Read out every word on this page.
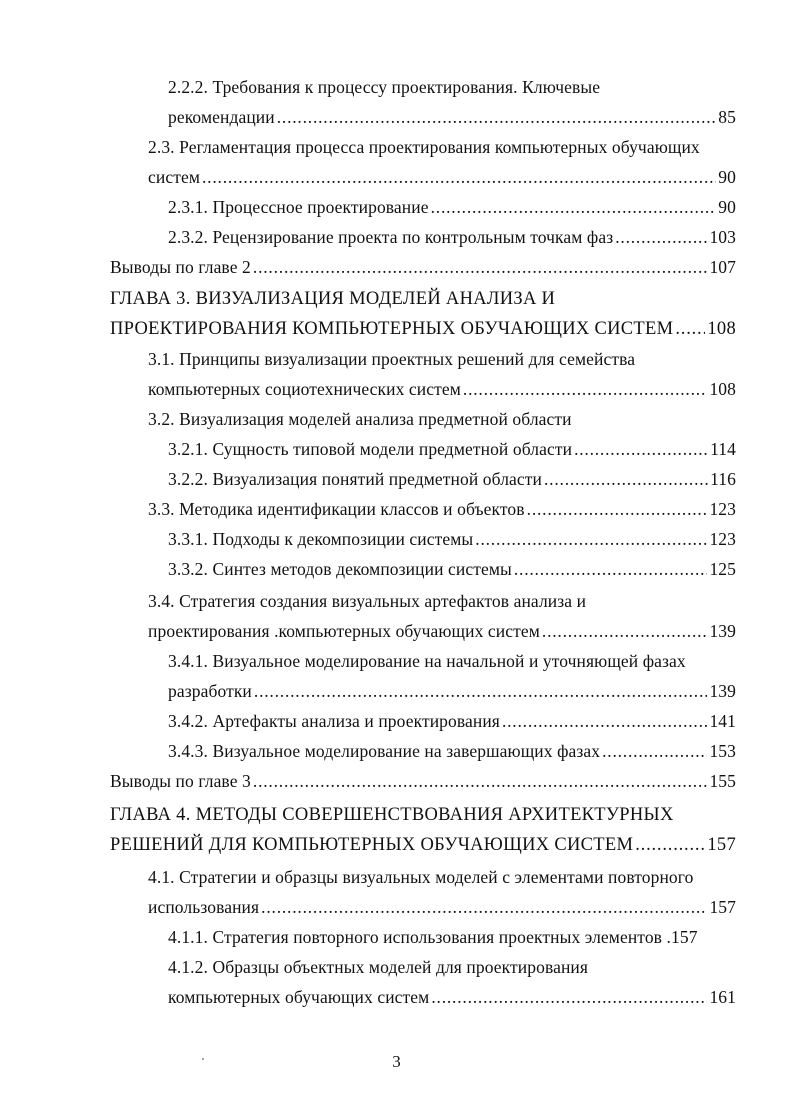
2.2.2. Требования к процессу проектирования. Ключевые
рекомендации .....	85
2.3. Регламентация процесса проектирования компьютерных обучающих
систем .....	90
2.3.1. Процессное проектирование .....	90
2.3.2. Рецензирование проекта по контрольным точкам фаз .....	103
Выводы по главе 2 .....	107
ГЛАВА 3. ВИЗУАЛИЗАЦИЯ МОДЕЛЕЙ АНАЛИЗА И
ПРОЕКТИРОВАНИЯ КОМПЬЮТЕРНЫХ ОБУЧАЮЩИХ СИСТЕМ ..... 108
3.1. Принципы визуализации проектных решений для семейства
компьютерных социотехнических систем .....	108
3.2. Визуализация моделей анализа предметной области
3.2.1. Сущность типовой модели предметной области .....	114
3.2.2. Визуализация понятий предметной области .....	116
3.3. Методика идентификации классов и объектов .....	123
3.3.1. Подходы к декомпозиции системы .....	123
3.3.2. Синтез методов декомпозиции системы .....	125
3.4. Стратегия создания визуальных артефактов анализа и
проектирования .компьютерных обучающих систем .....	139
3.4.1. Визуальное моделирование на начальной и уточняющей фазах
разработки .....	139
3.4.2. Артефакты анализа и проектирования .....	141
3.4.3. Визуальное моделирование на завершающих фазах .....	153
Выводы по главе 3 .....	155
ГЛАВА 4. МЕТОДЫ СОВЕРШЕНСТВОВАНИЯ АРХИТЕКТУРНЫХ
РЕШЕНИЙ ДЛЯ КОМПЬЮТЕРНЫХ ОБУЧАЮЩИХ СИСТЕМ .....	157
4.1. Стратегии и образцы визуальных моделей с элементами повторного
использования .....	157
4.1.1. Стратегия повторного использования проектных элементов .157
4.1.2. Образцы объектных моделей для проектирования
компьютерных обучающих систем .....	161
3
